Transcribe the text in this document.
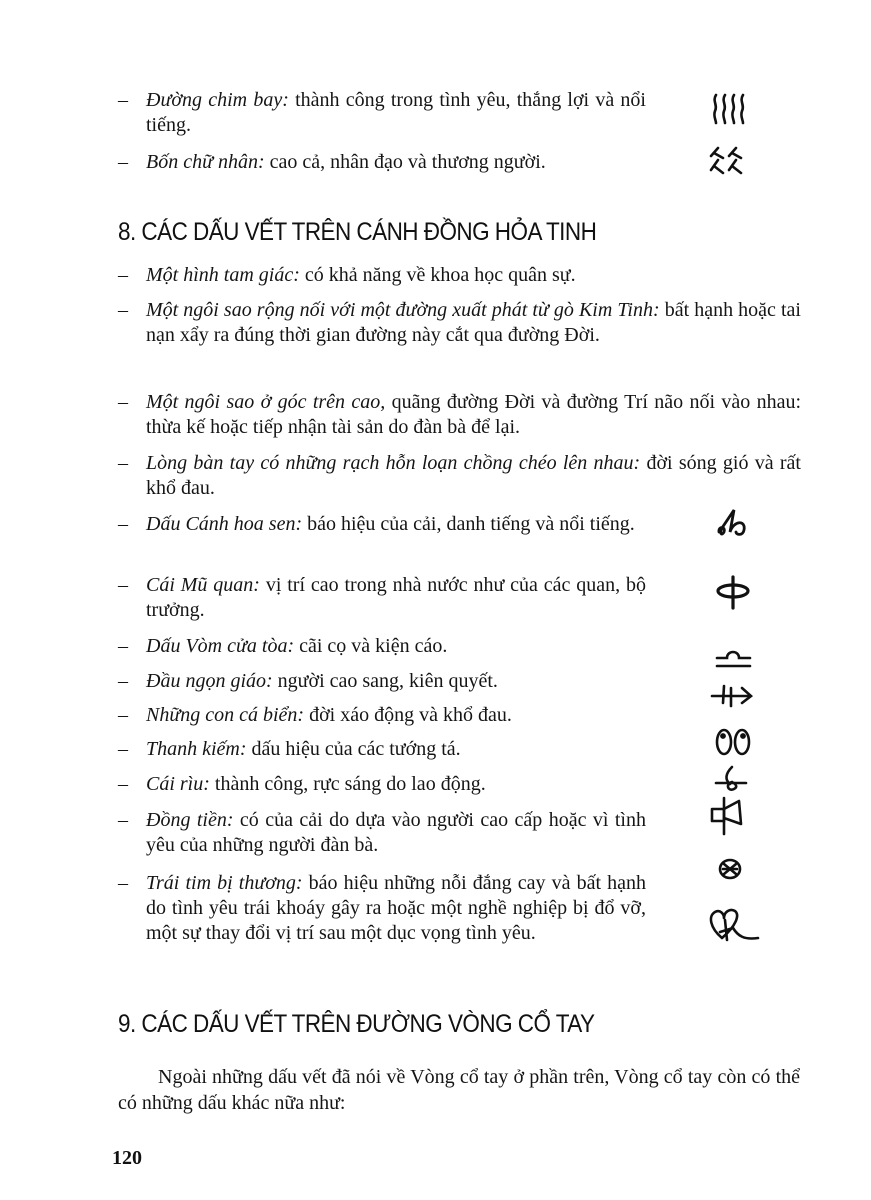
– Đường chim bay: thành công trong tình yêu, thắng lợi và nổi tiếng.
– Bốn chữ nhân: cao cả, nhân đạo và thương người.
8. CÁC DẤU VẾT TRÊN CÁNH ĐỒNG HỎA TINH
– Một hình tam giác: có khả năng về khoa học quân sự.
– Một ngôi sao rộng nối với một đường xuất phát từ gò Kim Tinh: bất hạnh hoặc tai nạn xẩy ra đúng thời gian đường này cắt qua đường Đời.
– Một ngôi sao ở góc trên cao, quãng đường Đời và đường Trí não nối vào nhau: thừa kế hoặc tiếp nhận tài sản do đàn bà để lại.
– Lòng bàn tay có những rạch hỗn loạn chồng chéo lên nhau: đời sóng gió và rất khổ đau.
– Dấu Cánh hoa sen: báo hiệu của cải, danh tiếng và nổi tiếng.
– Cái Mũ quan: vị trí cao trong nhà nước như của các quan, bộ trưởng.
– Dấu Vòm cửa tòa: cãi cọ và kiện cáo.
– Đầu ngọn giáo: người cao sang, kiên quyết.
– Những con cá biển: đời xáo động và khổ đau.
– Thanh kiếm: dấu hiệu của các tướng tá.
– Cái rìu: thành công, rực sáng do lao động.
– Đồng tiền: có của cải do dựa vào người cao cấp hoặc vì tình yêu của những người đàn bà.
– Trái tim bị thương: báo hiệu những nỗi đắng cay và bất hạnh do tình yêu trái khoáy gây ra hoặc một nghề nghiệp bị đổ vỡ, một sự thay đổi vị trí sau một dục vọng tình yêu.
9. CÁC DẤU VẾT TRÊN ĐƯỜNG VÒNG CỔ TAY
Ngoài những dấu vết đã nói về Vòng cổ tay ở phần trên, Vòng cổ tay còn có thể có những dấu khác nữa như:
120
